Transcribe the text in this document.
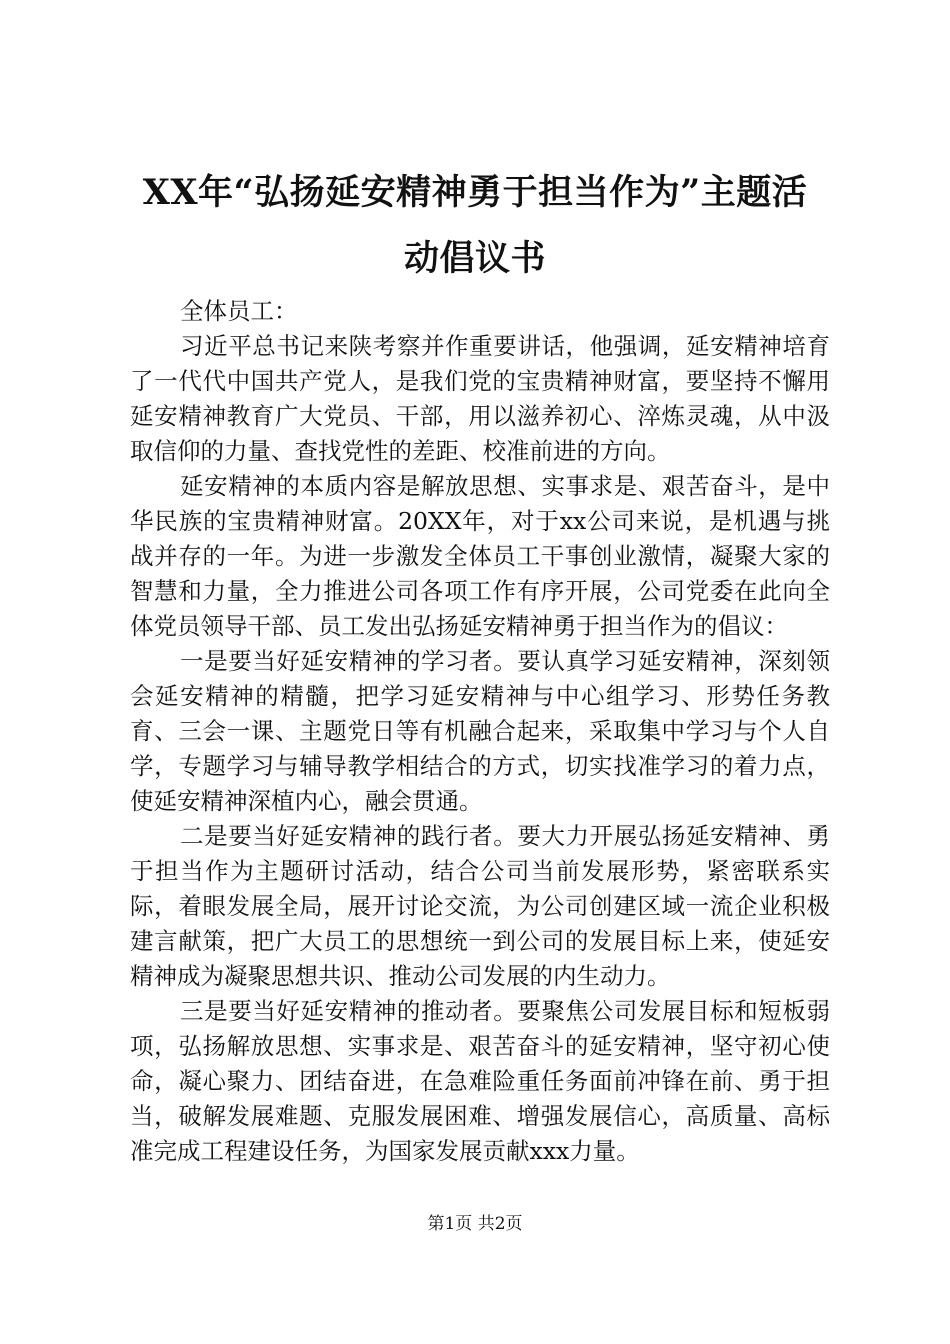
XX年“弘扬延安精神勇于担当作为”主题活
动倡议书

全体员工：

习近平总书记来陕考察并作重要讲话，他强调，延安精神培育了一代代中国共产党人，是我们党的宝贵精神财富，要坚持不懈用延安精神教育广大党员、干部，用以滋养初心、淬炼灵魂，从中汲取信仰的力量、查找党性的差距、校准前进的方向。

延安精神的本质内容是解放思想、实事求是、艰苦奋斗，是中华民族的宝贵精神财富。20XX年，对于xx公司来说，是机遇与挑战并存的一年。为进一步激发全体员工干事创业激情，凝聚大家的智慧和力量，全力推进公司各项工作有序开展，公司党委在此向全体党员领导干部、员工发出弘扬延安精神勇于担当作为的倡议：

一是要当好延安精神的学习者。要认真学习延安精神，深刻领会延安精神的精髓，把学习延安精神与中心组学习、形势任务教育、三会一课、主题党日等有机融合起来，采取集中学习与个人自学，专题学习与辅导教学相结合的方式，切实找准学习的着力点，使延安精神深植内心，融会贯通。

二是要当好延安精神的践行者。要大力开展弘扬延安精神、勇于担当作为主题研讨活动，结合公司当前发展形势，紧密联系实际，着眼发展全局，展开讨论交流，为公司创建区域一流企业积极建言献策，把广大员工的思想统一到公司的发展目标上来，使延安精神成为凝聚思想共识、推动公司发展的内生动力。

三是要当好延安精神的推动者。要聚焦公司发展目标和短板弱项，弘扬解放思想、实事求是、艰苦奋斗的延安精神，坚守初心使命，凝心聚力、团结奋进，在急难险重任务面前冲锋在前、勇于担当，破解发展难题、克服发展困难、增强发展信心，高质量、高标准完成工程建设任务，为国家发展贡献xxx力量。

第1页 共2页
